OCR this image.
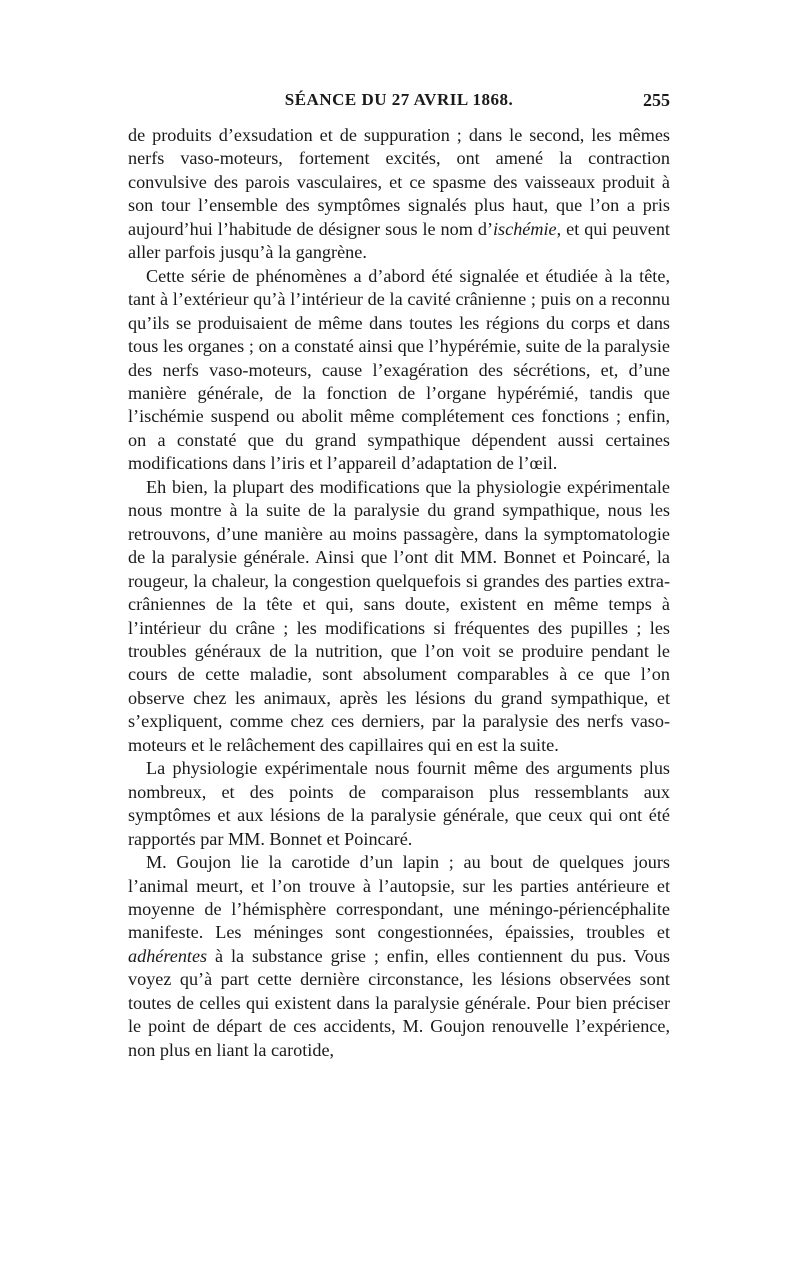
SÉANCE DU 27 AVRIL 1868.	255

de produits d’exsudation et de suppuration ; dans le second, les mêmes nerfs vaso-moteurs, fortement excités, ont amené la contraction convulsive des parois vasculaires, et ce spasme des vaisseaux produit à son tour l’ensemble des symptômes signalés plus haut, que l’on a pris aujourd’hui l’habitude de désigner sous le nom d’ischémie, et qui peuvent aller parfois jusqu’à la gangrène.

Cette série de phénomènes a d’abord été signalée et étudiée à la tête, tant à l’extérieur qu’à l’intérieur de la cavité crânienne ; puis on a reconnu qu’ils se produisaient de même dans toutes les régions du corps et dans tous les organes ; on a constaté ainsi que l’hypérémie, suite de la paralysie des nerfs vaso-moteurs, cause l’exagération des sécrétions, et, d’une manière générale, de la fonction de l’organe hypérémié, tandis que l’ischémie suspend ou abolit même complétement ces fonctions ; enfin, on a constaté que du grand sympathique dépendent aussi certaines modifications dans l’iris et l’appareil d’adaptation de l’œil.

Eh bien, la plupart des modifications que la physiologie expérimentale nous montre à la suite de la paralysie du grand sympathique, nous les retrouvons, d’une manière au moins passagère, dans la symptomatologie de la paralysie générale. Ainsi que l’ont dit MM. Bonnet et Poincaré, la rougeur, la chaleur, la congestion quelquefois si grandes des parties extra-crâniennes de la tête et qui, sans doute, existent en même temps à l’intérieur du crâne ; les modifications si fréquentes des pupilles ; les troubles généraux de la nutrition, que l’on voit se produire pendant le cours de cette maladie, sont absolument comparables à ce que l’on observe chez les animaux, après les lésions du grand sympathique, et s’expliquent, comme chez ces derniers, par la paralysie des nerfs vasomoteurs et le relâchement des capillaires qui en est la suite.

La physiologie expérimentale nous fournit même des arguments plus nombreux, et des points de comparaison plus ressemblants aux symptômes et aux lésions de la paralysie générale, que ceux qui ont été rapportés par MM. Bonnet et Poincaré.

M. Goujon lie la carotide d’un lapin ; au bout de quelques jours l’animal meurt, et l’on trouve à l’autopsie, sur les parties antérieure et moyenne de l’hémisphère correspondant, une méningo-périencéphalite manifeste. Les méninges sont congestionnées, épaissies, troubles et adhérentes à la substance grise ; enfin, elles contiennent du pus. Vous voyez qu’à part cette dernière circonstance, les lésions observées sont toutes de celles qui existent dans la paralysie générale. Pour bien préciser le point de départ de ces accidents, M. Goujon renouvelle l’expérience, non plus en liant la carotide,
